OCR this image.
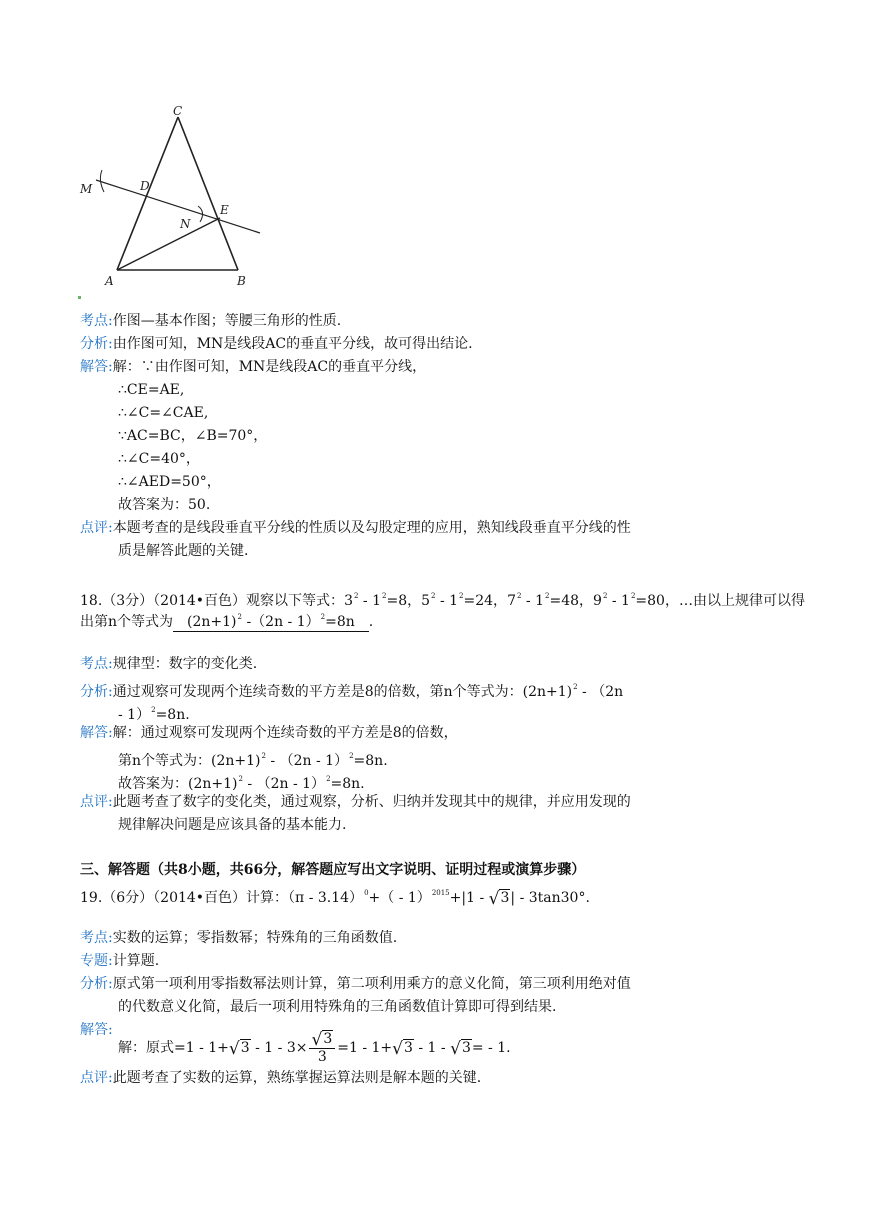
C
D
E
M
N
A	B
考点:作图—基本作图；等腰三角形的性质.
分析:由作图可知，MN是线段AC的垂直平分线，故可得出结论.
解答:解：∵由作图可知，MN是线段AC的垂直平分线，
∴CE=AE,
∴∠C=∠CAE,
∵AC=BC，∠B=70°，
∴∠C=40°，
∴∠AED=50°，
故答案为：50.
点评:本题考查的是线段垂直平分线的性质以及勾股定理的应用，熟知线段垂直平分线的性
质是解答此题的关键.
18.（3分）（2014•百色）观察以下等式：$3^2 - 1^2=8$，$5^2 - 1^2=24$，$7^2 - 1^2=48$，$9^2 - 1^2=80$，…由以上规律可以得
出第n个等式为 $(2n+1)^2$ -（2n - 1）$^2$=8n .
考点:规律型：数字的变化类.
分析:通过观察可发现两个连续奇数的平方差是8的倍数，第n个等式为：$(2n+1)^2 - (2n$
- 1）$^2$=8n.
解答:解：通过观察可发现两个连续奇数的平方差是8的倍数，
第n个等式为：$(2n+1)^2 - (2n - 1)^2=8n$.
故答案为：$(2n+1)^2 - (2n - 1)^2=8n$.
点评:此题考查了数字的变化类，通过观察，分析、归纳并发现其中的规律，并应用发现的
规律解决问题是应该具备的基本能力.
三、解答题（共8小题，共66分，解答题应写出文字说明、证明过程或演算步骤）
19.（6分）（2014•百色）计算：（π - 3.14）$^0$+（ - 1）$^{2015}$+|1 - √3| - 3tan30°.
考点:实数的运算；零指数幂；特殊角的三角函数值.
专题:计算题.
分析:原式第一项利用零指数幂法则计算，第二项利用乘方的意义化简，第三项利用绝对值
的代数意义化简，最后一项利用特殊角的三角函数值计算即可得到结果.
解答:
解：原式$=1 - 1+√3 - 1 - 3\times \frac{√3}{3} =1 - 1+√3 - 1 - √3= - 1$.
点评:此题考查了实数的运算，熟练掌握运算法则是解本题的关键.
